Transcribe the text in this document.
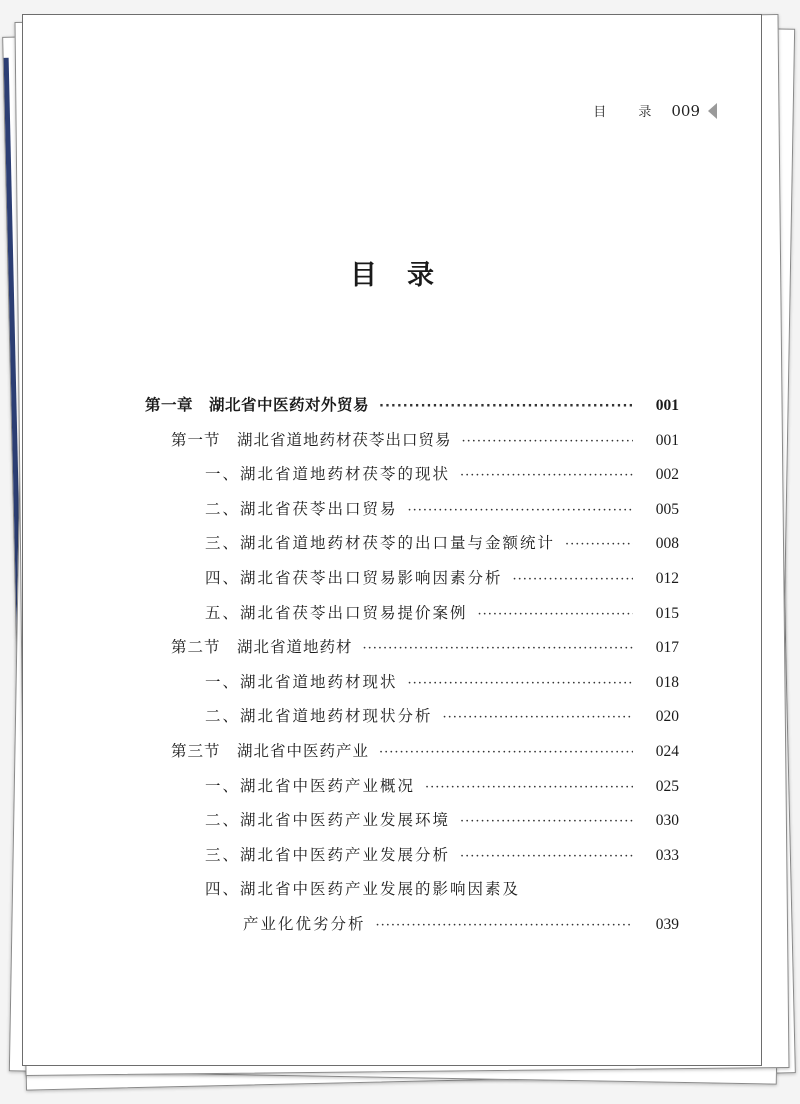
目 录 009
目录
第一章　湖北省中医药对外贸易 ·····	001
第一节　湖北省道地药材茯苓出口贸易 ·····	001
一、湖北省道地药材茯苓的现状 ·····	002
二、湖北省茯苓出口贸易 ·····	005
三、湖北省道地药材茯苓的出口量与金额统计 ·····	008
四、湖北省茯苓出口贸易影响因素分析 ·····	012
五、湖北省茯苓出口贸易提价案例 ·····	015
第二节　湖北省道地药材 ·····	017
一、湖北省道地药材现状 ·····	018
二、湖北省道地药材现状分析 ·····	020
第三节　湖北省中医药产业 ·····	024
一、湖北省中医药产业概况 ·····	025
二、湖北省中医药产业发展环境 ·····	030
三、湖北省中医药产业发展分析 ·····	033
四、湖北省中医药产业发展的影响因素及
产业化优劣分析 ·····	039
